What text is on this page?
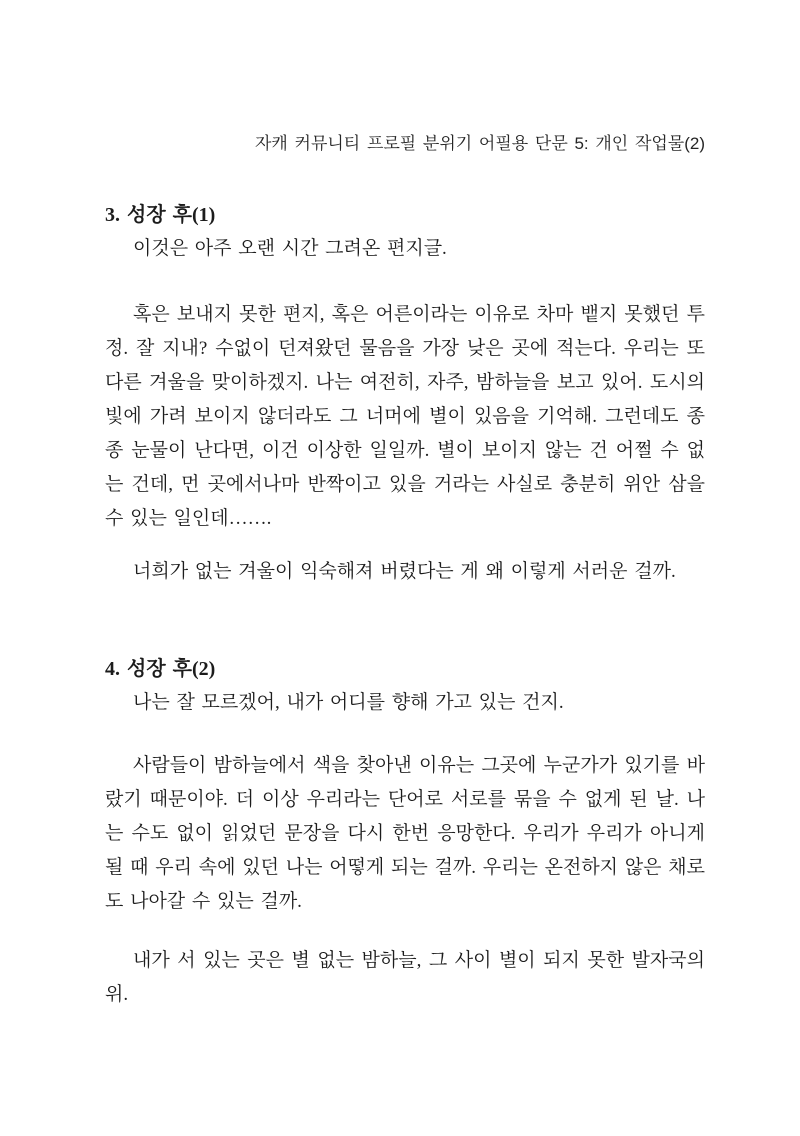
자캐 커뮤니티 프로필 분위기 어필용 단문 5: 개인 작업물(2)
3. 성장 후(1)

이것은 아주 오랜 시간 그려온 편지글.

혹은 보내지 못한 편지, 혹은 어른이라는 이유로 차마 뱉지 못했던 투정. 잘 지내? 수없이 던져왔던 물음을 가장 낮은 곳에 적는다. 우리는 또 다른 겨울을 맞이하겠지. 나는 여전히, 자주, 밤하늘을 보고 있어. 도시의 빛에 가려 보이지 않더라도 그 너머에 별이 있음을 기억해. 그런데도 종종 눈물이 난다면, 이건 이상한 일일까. 별이 보이지 않는 건 어쩔 수 없는 건데, 먼 곳에서나마 반짝이고 있을 거라는 사실로 충분히 위안 삼을 수 있는 일인데…….

너희가 없는 겨울이 익숙해져 버렸다는 게 왜 이렇게 서러운 걸까.

4. 성장 후(2)

나는 잘 모르겠어, 내가 어디를 향해 가고 있는 건지.

사람들이 밤하늘에서 색을 찾아낸 이유는 그곳에 누군가가 있기를 바랐기 때문이야. 더 이상 우리라는 단어로 서로를 묶을 수 없게 된 날. 나는 수도 없이 읽었던 문장을 다시 한번 응망한다. 우리가 우리가 아니게 될 때 우리 속에 있던 나는 어떻게 되는 걸까. 우리는 온전하지 않은 채로도 나아갈 수 있는 걸까.

내가 서 있는 곳은 별 없는 밤하늘, 그 사이 별이 되지 못한 발자국의 위.
